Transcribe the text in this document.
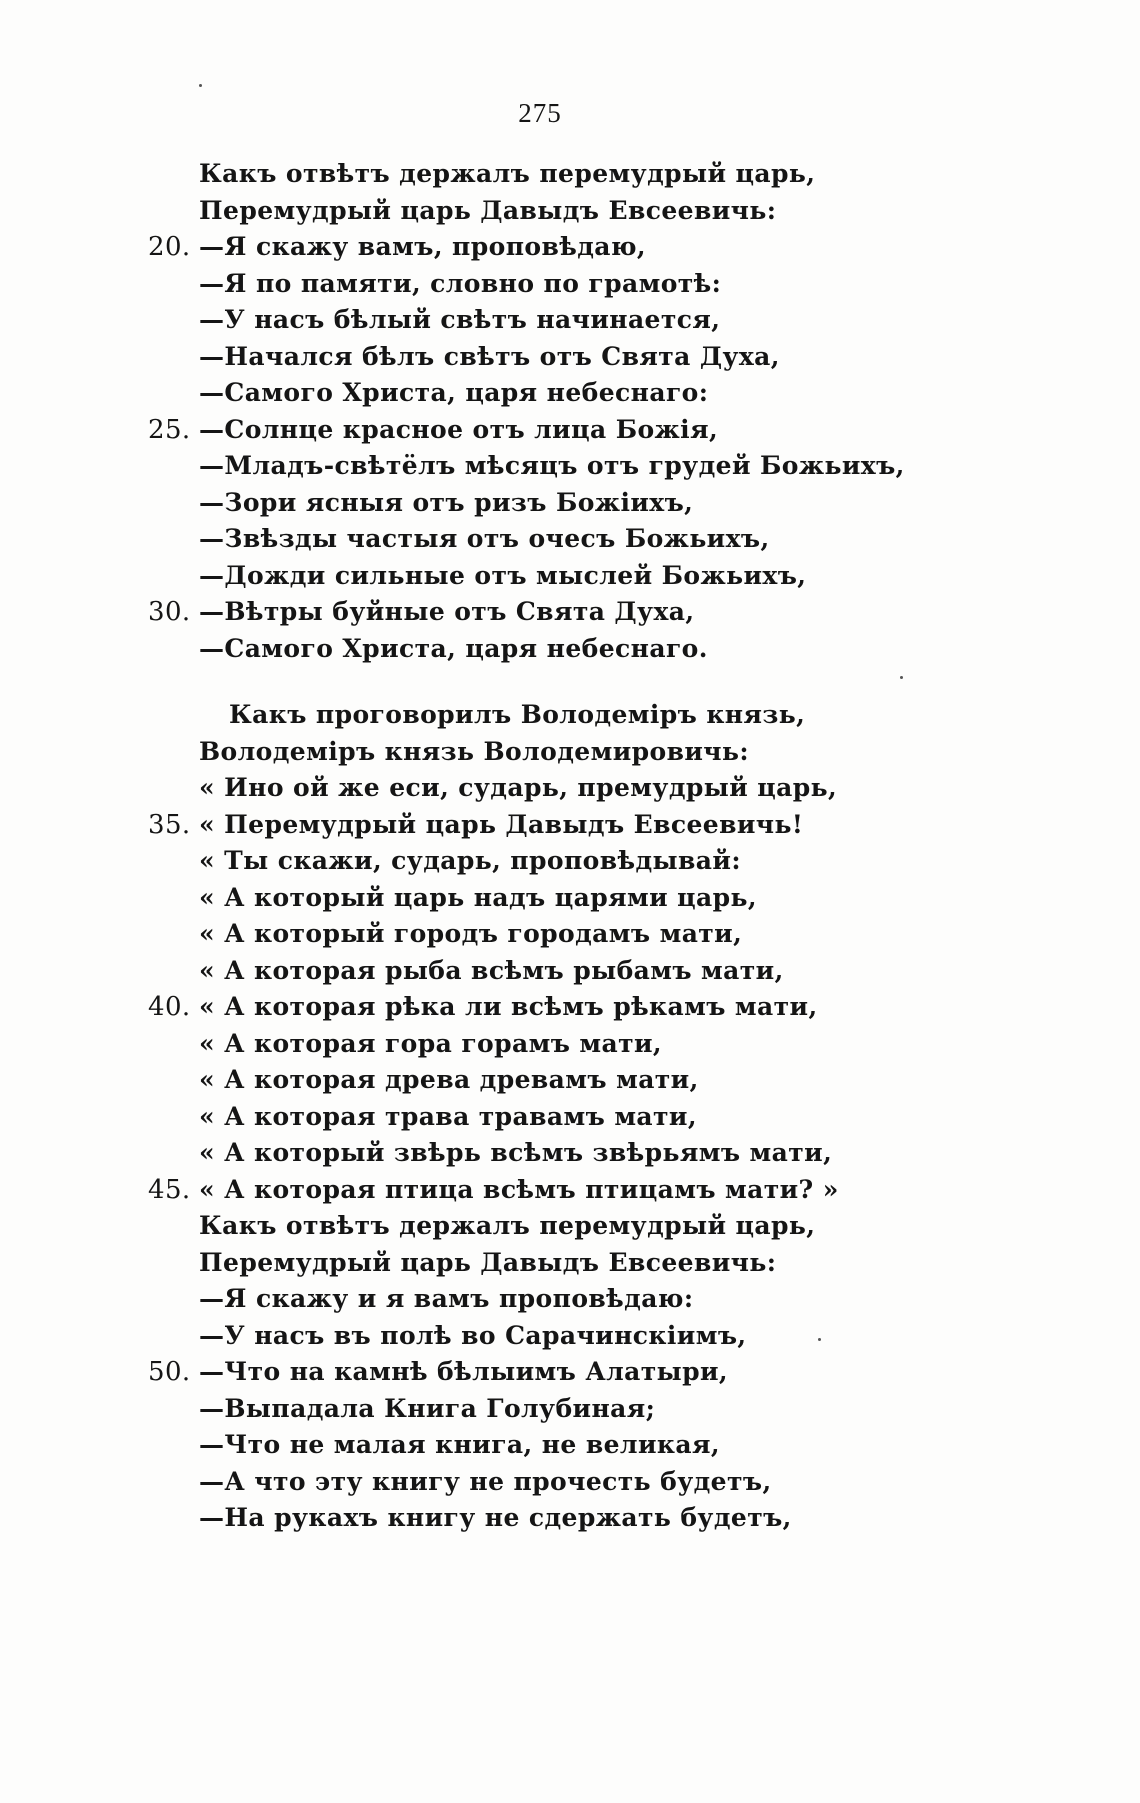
275
Какъ отвѣтъ держалъ перемудрый царь,
Перемудрый царь Давыдъ Евсеевичь:
20. —Я скажу вамъ, проповѣдаю,
—Я по памяти, словно по грамотѣ:
—У насъ бѣлый свѣтъ начинается,
—Начался бѣлъ свѣтъ отъ Свята Духа,
—Самого Христа, царя небеснаго:
25. —Солнце красное отъ лица Божія,
—Младъ-свѣтёлъ мѣсяцъ отъ грудей Божьихъ,
—Зори ясныя отъ ризъ Божіихъ,
—Звѣзды частыя отъ очесъ Божьихъ,
—Дожди сильные отъ мыслей Божьихъ,
30. —Вѣтры буйные отъ Свята Духа,
—Самого Христа, царя небеснаго.
Какъ проговорилъ Володеміръ князь,
Володеміръ князь Володемировичь:
« Ино ой же еси, сударь, премудрый царь,
35. « Перемудрый царь Давыдъ Евсеевичь!
« Ты скажи, сударь, проповѣдывай:
« А который царь надъ царями царь,
« А который городъ городамъ мати,
« А которая рыба всѣмъ рыбамъ мати,
40. « А которая рѣка ли всѣмъ рѣкамъ мати,
« А которая гора горамъ мати,
« А которая древа древамъ мати,
« А которая трава травамъ мати,
« А который звѣрь всѣмъ звѣрьямъ мати,
45. « А которая птица всѣмъ птицамъ мати? »
Какъ отвѣтъ держалъ перемудрый царь,
Перемудрый царь Давыдъ Евсеевичь:
—Я скажу и я вамъ проповѣдаю:
—У насъ въ полѣ во Сарачинскіимъ,
50. —Что на камнѣ бѣлыимъ Алатыри,
—Выпадала Книга Голубиная;
—Что не малая книга, не великая,
—А что эту книгу не прочесть будетъ,
—На рукахъ книгу не сдержать будетъ,
